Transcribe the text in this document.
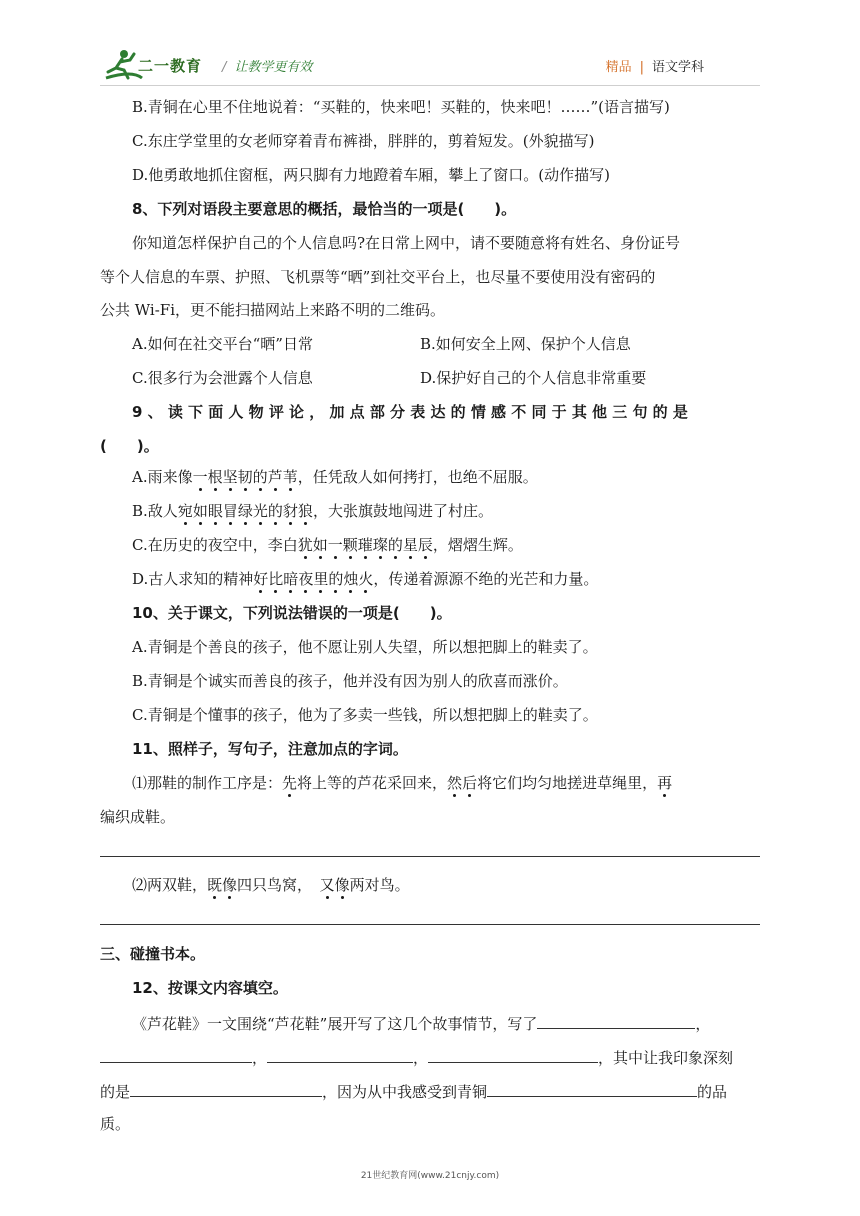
二一教育 / 让教学更有效	精品 | 语文学科
B.青铜在心里不住地说着：“买鞋的，快来吧！买鞋的，快来吧！……”(语言描写)
C.东庄学堂里的女老师穿着青布裤褂，胖胖的，剪着短发。(外貌描写)
D.他勇敢地抓住窗框，两只脚有力地蹬着车厢，攀上了窗口。(动作描写)
8、下列对语段主要意思的概括，最恰当的一项是(　　)。
你知道怎样保护自己的个人信息吗?在日常上网中，请不要随意将有姓名、身份证号
等个人信息的车票、护照、飞机票等“晒”到社交平台上，也尽量不要使用没有密码的
公共 Wi-Fi，更不能扫描网站上来路不明的二维码。
A.如何在社交平台“晒”日常	B.如何安全上网、保护个人信息
C.很多行为会泄露个人信息	D.保护好自己的个人信息非常重要
9、读下面人物评论，加点部分表达的情感不同于其他三句的是
(　　)。
A.雨来像一根坚韧的芦苇，任凭敌人如何拷打，也绝不屈服。
B.敌人宛如眼冒绿光的豺狼，大张旗鼓地闯进了村庄。
C.在历史的夜空中，李白犹如一颗璀璨的星辰，熠熠生辉。
D.古人求知的精神好比暗夜里的烛火，传递着源源不绝的光芒和力量。
10、关于课文，下列说法错误的一项是(　　)。
A.青铜是个善良的孩子，他不愿让别人失望，所以想把脚上的鞋卖了。
B.青铜是个诚实而善良的孩子，他并没有因为别人的欣喜而涨价。
C.青铜是个懂事的孩子，他为了多卖一些钱，所以想把脚上的鞋卖了。
11、照样子，写句子，注意加点的字词。
⑴那鞋的制作工序是：先将上等的芦花采回来，然后将它们均匀地搓进草绳里，再
编织成鞋。
⑵两双鞋，既像四只鸟窝，　又像两对鸟。
三、碰撞书本。
12、按课文内容填空。
《芦花鞋》一文围绕“芦花鞋”展开写了这几个故事情节，写了	，
，	，	，其中让我印象深刻
的是	，因为从中我感受到青铜	的品
质。
21世纪教育网(www.21cnjy.com)
